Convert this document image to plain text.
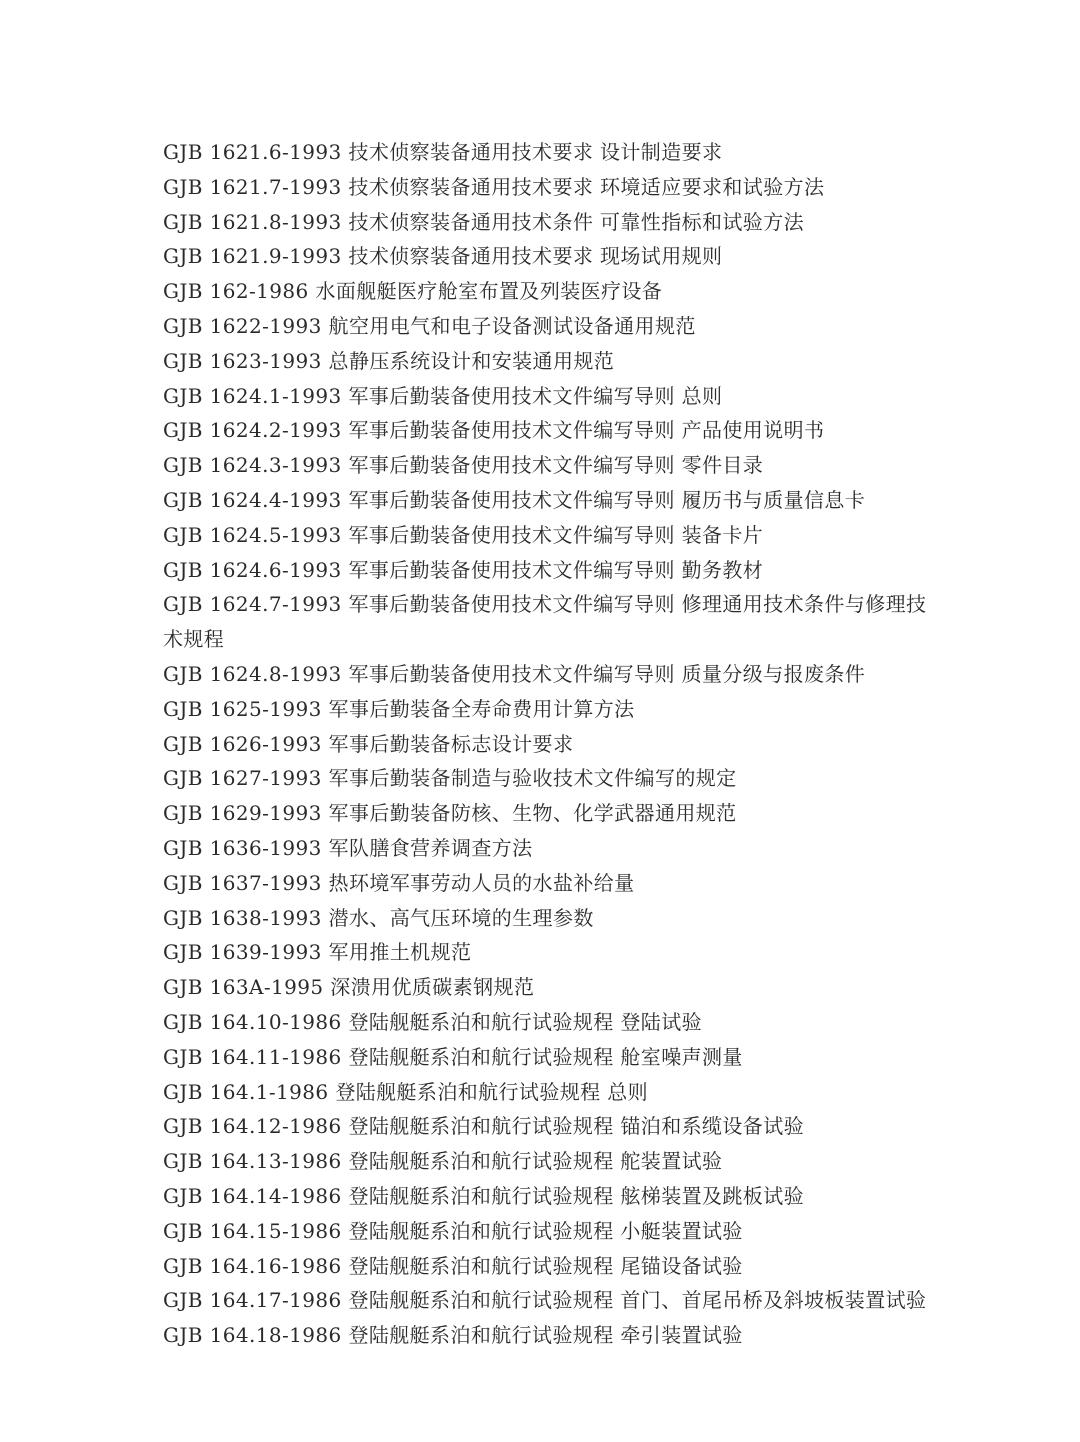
GJB 1621.6-1993 技术侦察装备通用技术要求 设计制造要求
GJB 1621.7-1993 技术侦察装备通用技术要求 环境适应要求和试验方法
GJB 1621.8-1993 技术侦察装备通用技术条件 可靠性指标和试验方法
GJB 1621.9-1993 技术侦察装备通用技术要求 现场试用规则
GJB 162-1986 水面舰艇医疗舱室布置及列装医疗设备
GJB 1622-1993 航空用电气和电子设备测试设备通用规范
GJB 1623-1993 总静压系统设计和安装通用规范
GJB 1624.1-1993 军事后勤装备使用技术文件编写导则 总则
GJB 1624.2-1993 军事后勤装备使用技术文件编写导则 产品使用说明书
GJB 1624.3-1993 军事后勤装备使用技术文件编写导则 零件目录
GJB 1624.4-1993 军事后勤装备使用技术文件编写导则 履历书与质量信息卡
GJB 1624.5-1993 军事后勤装备使用技术文件编写导则 装备卡片
GJB 1624.6-1993 军事后勤装备使用技术文件编写导则 勤务教材
GJB 1624.7-1993 军事后勤装备使用技术文件编写导则 修理通用技术条件与修理技术规程
GJB 1624.8-1993 军事后勤装备使用技术文件编写导则 质量分级与报废条件
GJB 1625-1993 军事后勤装备全寿命费用计算方法
GJB 1626-1993 军事后勤装备标志设计要求
GJB 1627-1993 军事后勤装备制造与验收技术文件编写的规定
GJB 1629-1993 军事后勤装备防核、生物、化学武器通用规范
GJB 1636-1993 军队膳食营养调查方法
GJB 1637-1993 热环境军事劳动人员的水盐补给量
GJB 1638-1993 潜水、高气压环境的生理参数
GJB 1639-1993 军用推土机规范
GJB 163A-1995 深溃用优质碳素钢规范
GJB 164.10-1986 登陆舰艇系泊和航行试验规程 登陆试验
GJB 164.11-1986 登陆舰艇系泊和航行试验规程 舱室噪声测量
GJB 164.1-1986 登陆舰艇系泊和航行试验规程 总则
GJB 164.12-1986 登陆舰艇系泊和航行试验规程 锚泊和系缆设备试验
GJB 164.13-1986 登陆舰艇系泊和航行试验规程 舵装置试验
GJB 164.14-1986 登陆舰艇系泊和航行试验规程 舷梯装置及跳板试验
GJB 164.15-1986 登陆舰艇系泊和航行试验规程 小艇装置试验
GJB 164.16-1986 登陆舰艇系泊和航行试验规程 尾锚设备试验
GJB 164.17-1986 登陆舰艇系泊和航行试验规程 首门、首尾吊桥及斜坡板装置试验
GJB 164.18-1986 登陆舰艇系泊和航行试验规程 牵引装置试验
